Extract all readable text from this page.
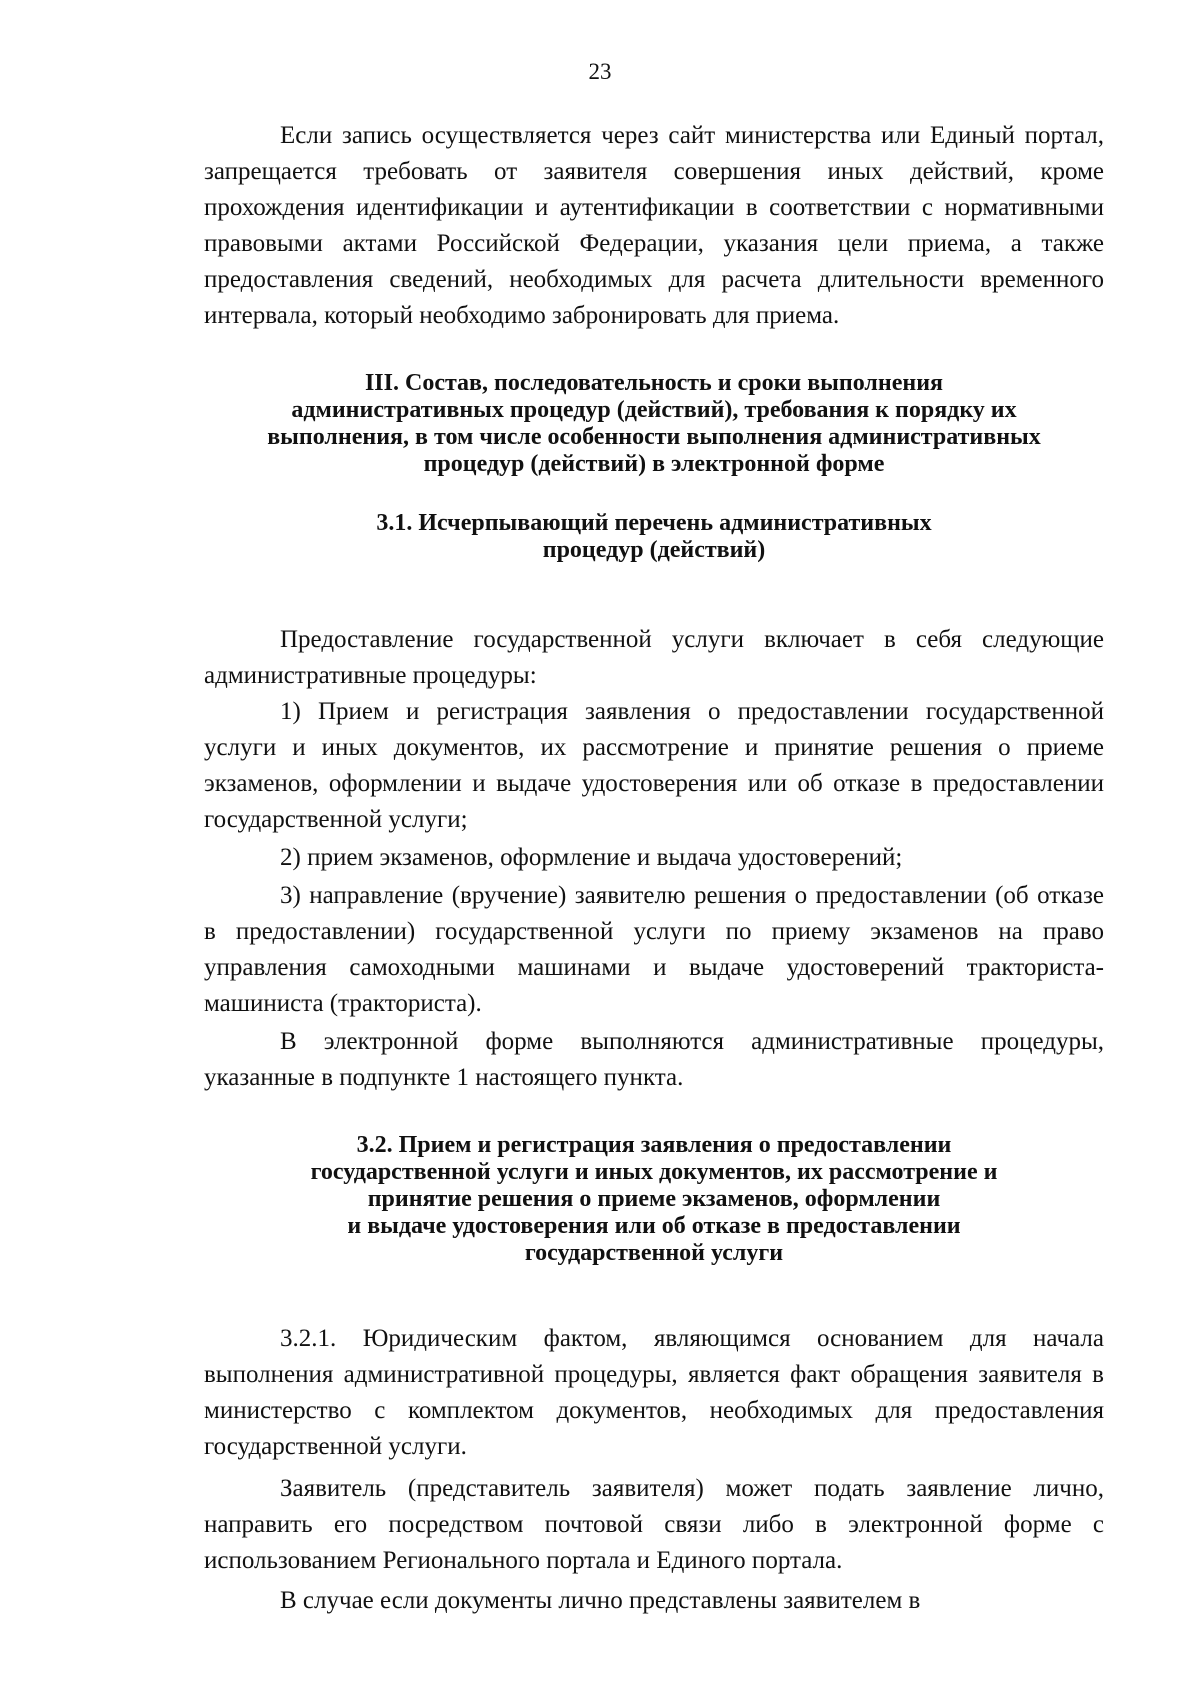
23

Если запись осуществляется через сайт министерства или Единый портал, запрещается требовать от заявителя совершения иных действий, кроме прохождения идентификации и аутентификации в соответствии с нормативными правовыми актами Российской Федерации, указания цели приема, а также предоставления сведений, необходимых для расчета длительности временного интервала, который необходимо забронировать для приема.

III. Состав, последовательность и сроки выполнения

административных процедур (действий), требования к порядку их

выполнения, в том числе особенности выполнения административных

процедур (действий) в электронной форме

3.1. Исчерпывающий перечень административных

процедур (действий)

Предоставление государственной услуги включает в себя следующие административные процедуры:

1) Прием и регистрация заявления о предоставлении государственной услуги и иных документов, их рассмотрение и принятие решения о приеме экзаменов, оформлении и выдаче удостоверения или об отказе в предоставлении государственной услуги;

2) прием экзаменов, оформление и выдача удостоверений;

3) направление (вручение) заявителю решения о предоставлении (об отказе в предоставлении) государственной услуги по приему экзаменов на право управления самоходными машинами и выдаче удостоверений тракториста-машиниста (тракториста).

В электронной форме выполняются административные процедуры, указанные в подпункте 1 настоящего пункта.

3.2. Прием и регистрация заявления о предоставлении

государственной услуги и иных документов, их рассмотрение и

принятие решения о приеме экзаменов, оформлении

и выдаче удостоверения или об отказе в предоставлении

государственной услуги

3.2.1. Юридическим фактом, являющимся основанием для начала выполнения административной процедуры, является факт обращения заявителя в министерство с комплектом документов, необходимых для предоставления государственной услуги.

Заявитель (представитель заявителя) может подать заявление лично, направить его посредством почтовой связи либо в электронной форме с использованием Регионального портала и Единого портала.

В случае если документы лично представлены заявителем в
